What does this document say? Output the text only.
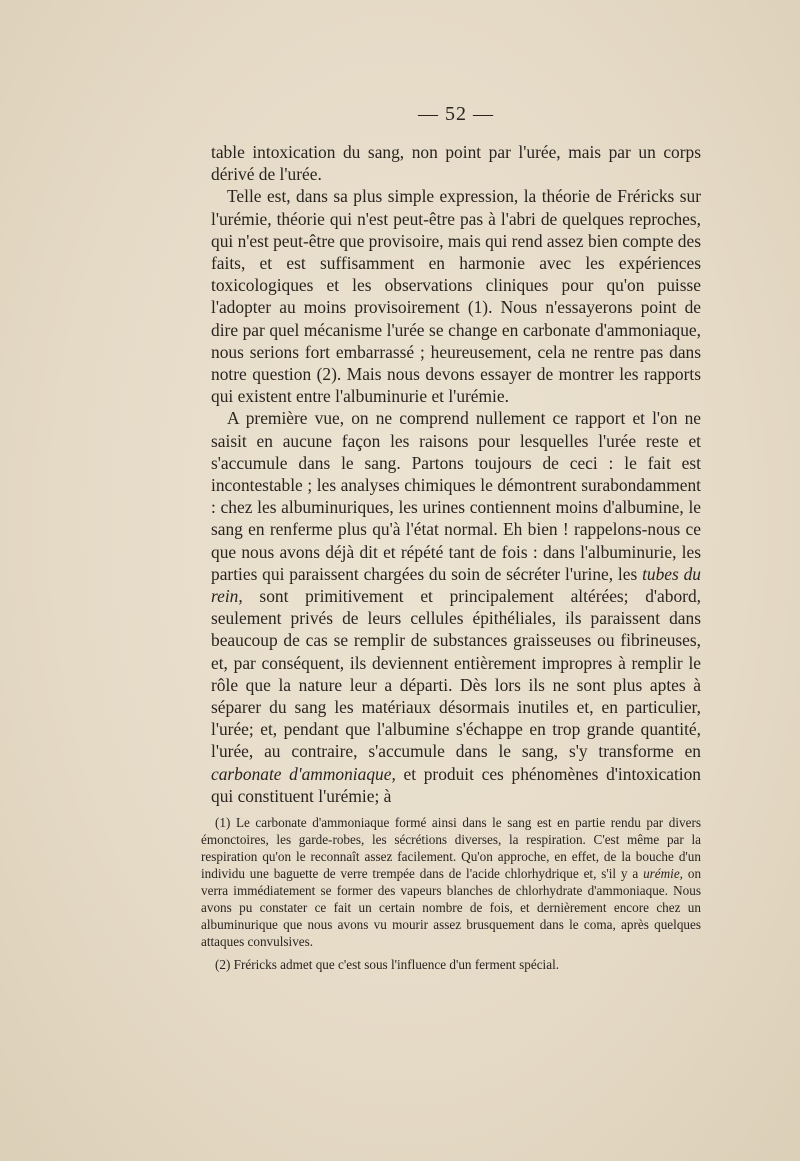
— 52 —

table intoxication du sang, non point par l'urée, mais par un corps dérivé de l'urée.

Telle est, dans sa plus simple expression, la théorie de Fréricks sur l'urémie, théorie qui n'est peut-être pas à l'abri de quelques reproches, qui n'est peut-être que provisoire, mais qui rend assez bien compte des faits, et est suffisamment en harmonie avec les expériences toxicologiques et les observations cliniques pour qu'on puisse l'adopter au moins provisoirement (1). Nous n'essayerons point de dire par quel mécanisme l'urée se change en carbonate d'ammoniaque, nous serions fort embarrassé ; heureusement, cela ne rentre pas dans notre question (2). Mais nous devons essayer de montrer les rapports qui existent entre l'albuminurie et l'urémie.

A première vue, on ne comprend nullement ce rapport et l'on ne saisit en aucune façon les raisons pour lesquelles l'urée reste et s'accumule dans le sang. Partons toujours de ceci : le fait est incontestable ; les analyses chimiques le démontrent surabondamment : chez les albuminuriques, les urines contiennent moins d'albumine, le sang en renferme plus qu'à l'état normal. Eh bien ! rappelons-nous ce que nous avons déjà dit et répété tant de fois : dans l'albuminurie, les parties qui paraissent chargées du soin de sécréter l'urine, les tubes du rein, sont primitivement et principalement altérées; d'abord, seulement privés de leurs cellules épithéliales, ils paraissent dans beaucoup de cas se remplir de substances graisseuses ou fibrineuses, et, par conséquent, ils deviennent entièrement impropres à remplir le rôle que la nature leur a départi. Dès lors ils ne sont plus aptes à séparer du sang les matériaux désormais inutiles et, en particulier, l'urée; et, pendant que l'albumine s'échappe en trop grande quantité, l'urée, au contraire, s'accumule dans le sang, s'y transforme en carbonate d'ammoniaque, et produit ces phénomènes d'intoxication qui constituent l'urémie; à

(1) Le carbonate d'ammoniaque formé ainsi dans le sang est en partie rendu par divers émonctoires, les garde-robes, les sécrétions diverses, la respiration. C'est même par la respiration qu'on le reconnaît assez facilement. Qu'on approche, en effet, de la bouche d'un individu une baguette de verre trempée dans de l'acide chlorhydrique et, s'il y a urémie, on verra immédiatement se former des vapeurs blanches de chlorhydrate d'ammoniaque. Nous avons pu constater ce fait un certain nombre de fois, et dernièrement encore chez un albuminurique que nous avons vu mourir assez brusquement dans le coma, après quelques attaques convulsives.

(2) Fréricks admet que c'est sous l'influence d'un ferment spécial.
